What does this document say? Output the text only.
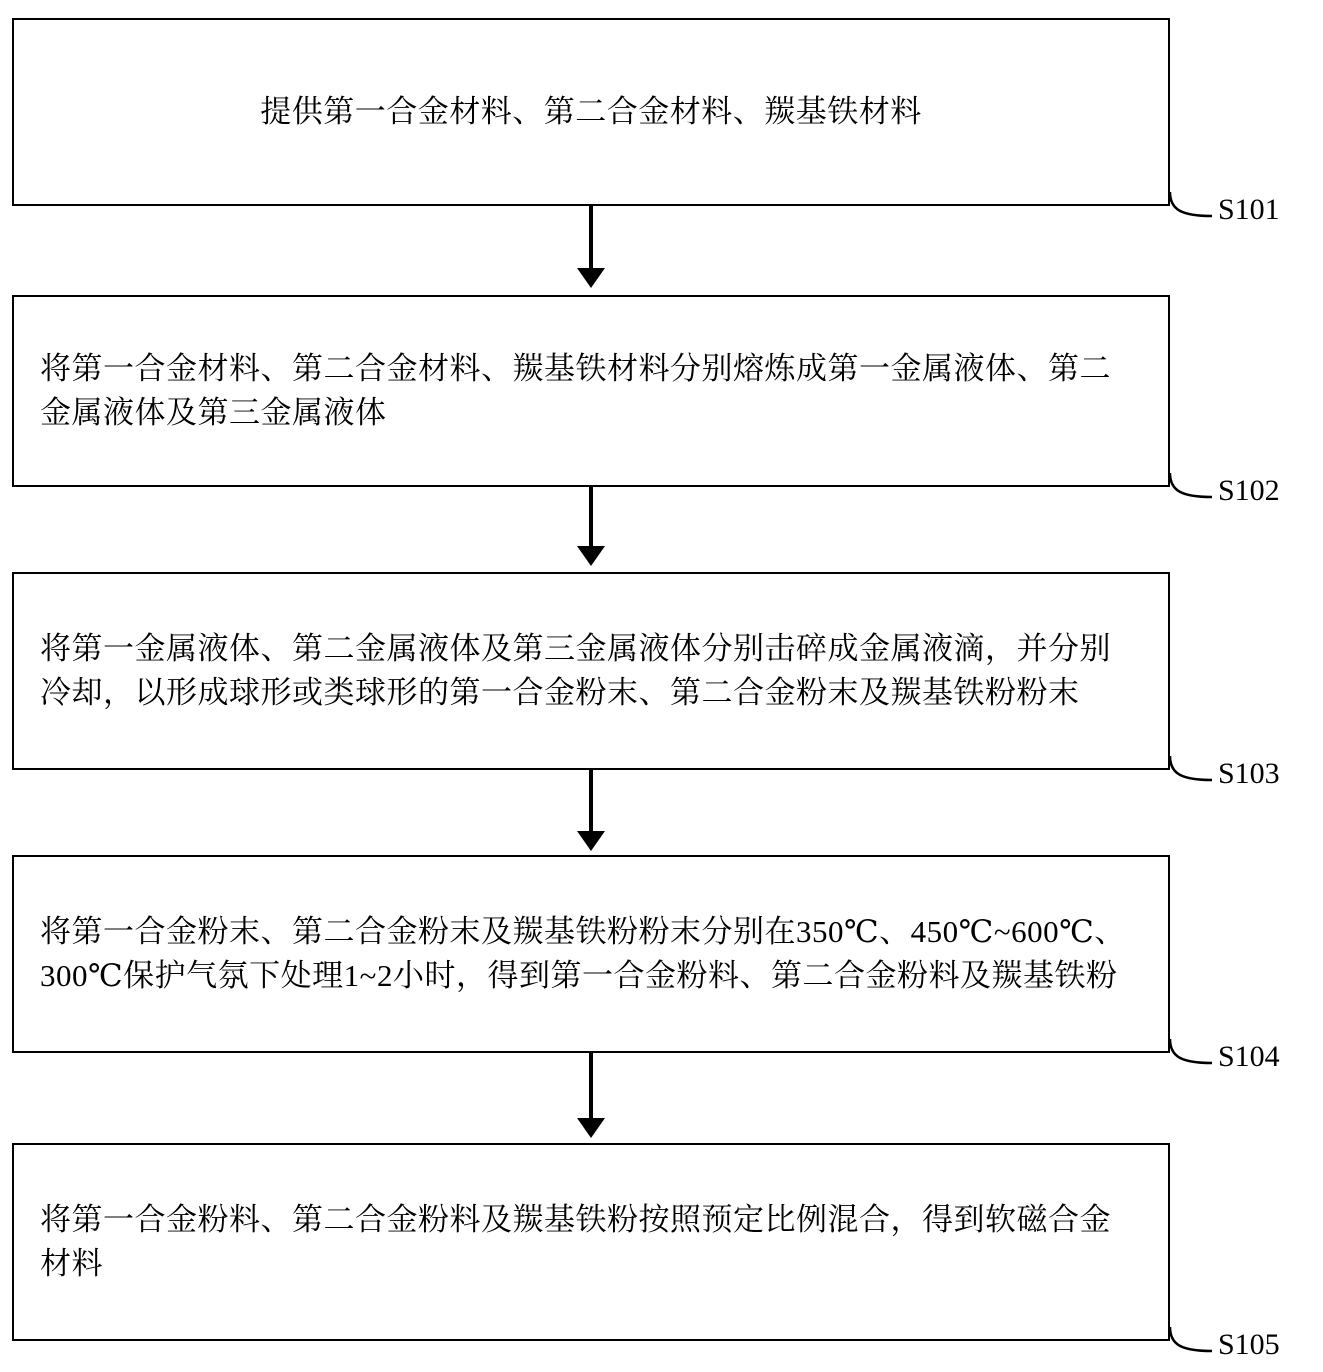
提供第一合金材料、第二合金材料、羰基铁材料
S101
将第一合金材料、第二合金材料、羰基铁材料分别熔炼成第一金属液体、第二金属液体及第三金属液体
S102
将第一金属液体、第二金属液体及第三金属液体分别击碎成金属液滴，并分别冷却，以形成球形或类球形的第一合金粉末、第二合金粉末及羰基铁粉粉末
S103
将第一合金粉末、第二合金粉末及羰基铁粉粉末分别在350℃、450℃~600℃、300℃保护气氛下处理1~2小时，得到第一合金粉料、第二合金粉料及羰基铁粉
S104
将第一合金粉料、第二合金粉料及羰基铁粉按照预定比例混合，得到软磁合金材料
S105
